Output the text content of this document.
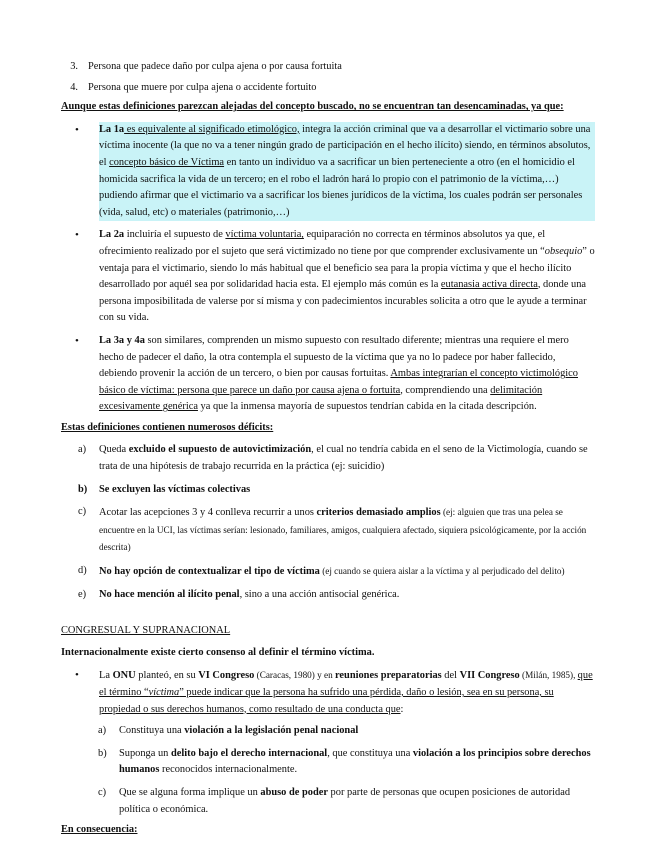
3. Persona que padece daño por culpa ajena o por causa fortuita
4. Persona que muere por culpa ajena o accidente fortuito
Aunque estas definiciones parezcan alejadas del concepto buscado, no se encuentran tan desencaminadas, ya que:
•	La 1a es equivalente al significado etimológico, integra la acción criminal que va a desarrollar el victimario sobre una víctima inocente (la que no va a tener ningún grado de participación en el hecho ilícito) siendo, en términos absolutos, el concepto básico de Víctima en tanto un individuo va a sacrificar un bien perteneciente a otro (en el homicidio el homicida sacrifica la vida de un tercero; en el robo el ladrón hará lo propio con el patrimonio de la víctima,…) pudiendo afirmar que el victimario va a sacrificar los bienes jurídicos de la víctima, los cuales podrán ser personales (vida, salud, etc) o materiales (patrimonio,…)
•	La 2a incluiría el supuesto de víctima voluntaria, equiparación no correcta en términos absolutos ya que, el ofrecimiento realizado por el sujeto que será victimizado no tiene por que comprender exclusivamente un “obsequio” o ventaja para el victimario, siendo lo más habitual que el beneficio sea para la propia víctima y que el hecho ilícito desarrollado por aquél sea por solidaridad hacia esta. El ejemplo más común es la eutanasia activa directa, donde una persona imposibilitada de valerse por sí misma y con padecimientos incurables solicita a otro que le ayude a terminar con su vida.
•	La 3a y 4a son similares, comprenden un mismo supuesto con resultado diferente; mientras una requiere el mero hecho de padecer el daño, la otra contempla el supuesto de la víctima que ya no lo padece por haber fallecido, debiendo provenir la acción de un tercero, o bien por causas fortuitas. Ambas integrarían el concepto victimológico básico de víctima: persona que parece un daño por causa ajena o fortuita, comprendiendo una delimitación excesivamente genérica ya que la inmensa mayoría de supuestos tendrían cabida en la citada descripción.
Estas definiciones contienen numerosos déficits:
a)	Queda excluido el supuesto de autovictimización, el cual no tendría cabida en el seno de la Victimología, cuando se trata de una hipótesis de trabajo recurrida en la práctica (ej: suicidio)
b)	Se excluyen las víctimas colectivas
c)	Acotar las acepciones 3 y 4 conlleva recurrir a unos criterios demasiado amplios (ej: alguien que tras una pelea se encuentre en la UCI, las víctimas serían: lesionado, familiares, amigos, cualquiera afectado, siquiera psicológicamente, por la acción descrita)
d)	No hay opción de contextualizar el tipo de víctima (ej cuando se quiera aislar a la víctima y al perjudicado del delito)
e)	No hace mención al ilícito penal, sino a una acción antisocial genérica.
CONGRESUAL Y SUPRANACIONAL
Internacionalmente existe cierto consenso al definir el término víctima.
•	La ONU planteó, en su VI Congreso (Caracas, 1980) y en reuniones preparatorias del VII Congreso (Milán, 1985), que el término “víctima” puede indicar que la persona ha sufrido una pérdida, daño o lesión, sea en su persona, su propiedad o sus derechos humanos, como resultado de una conducta que:
a)	Constituya una violación a la legislación penal nacional
b)	Suponga un delito bajo el derecho internacional, que constituya una violación a los principios sobre derechos humanos reconocidos internacionalmente.
c)	Que se alguna forma implique un abuso de poder por parte de personas que ocupen posiciones de autoridad política o económica.
En consecuencia:
